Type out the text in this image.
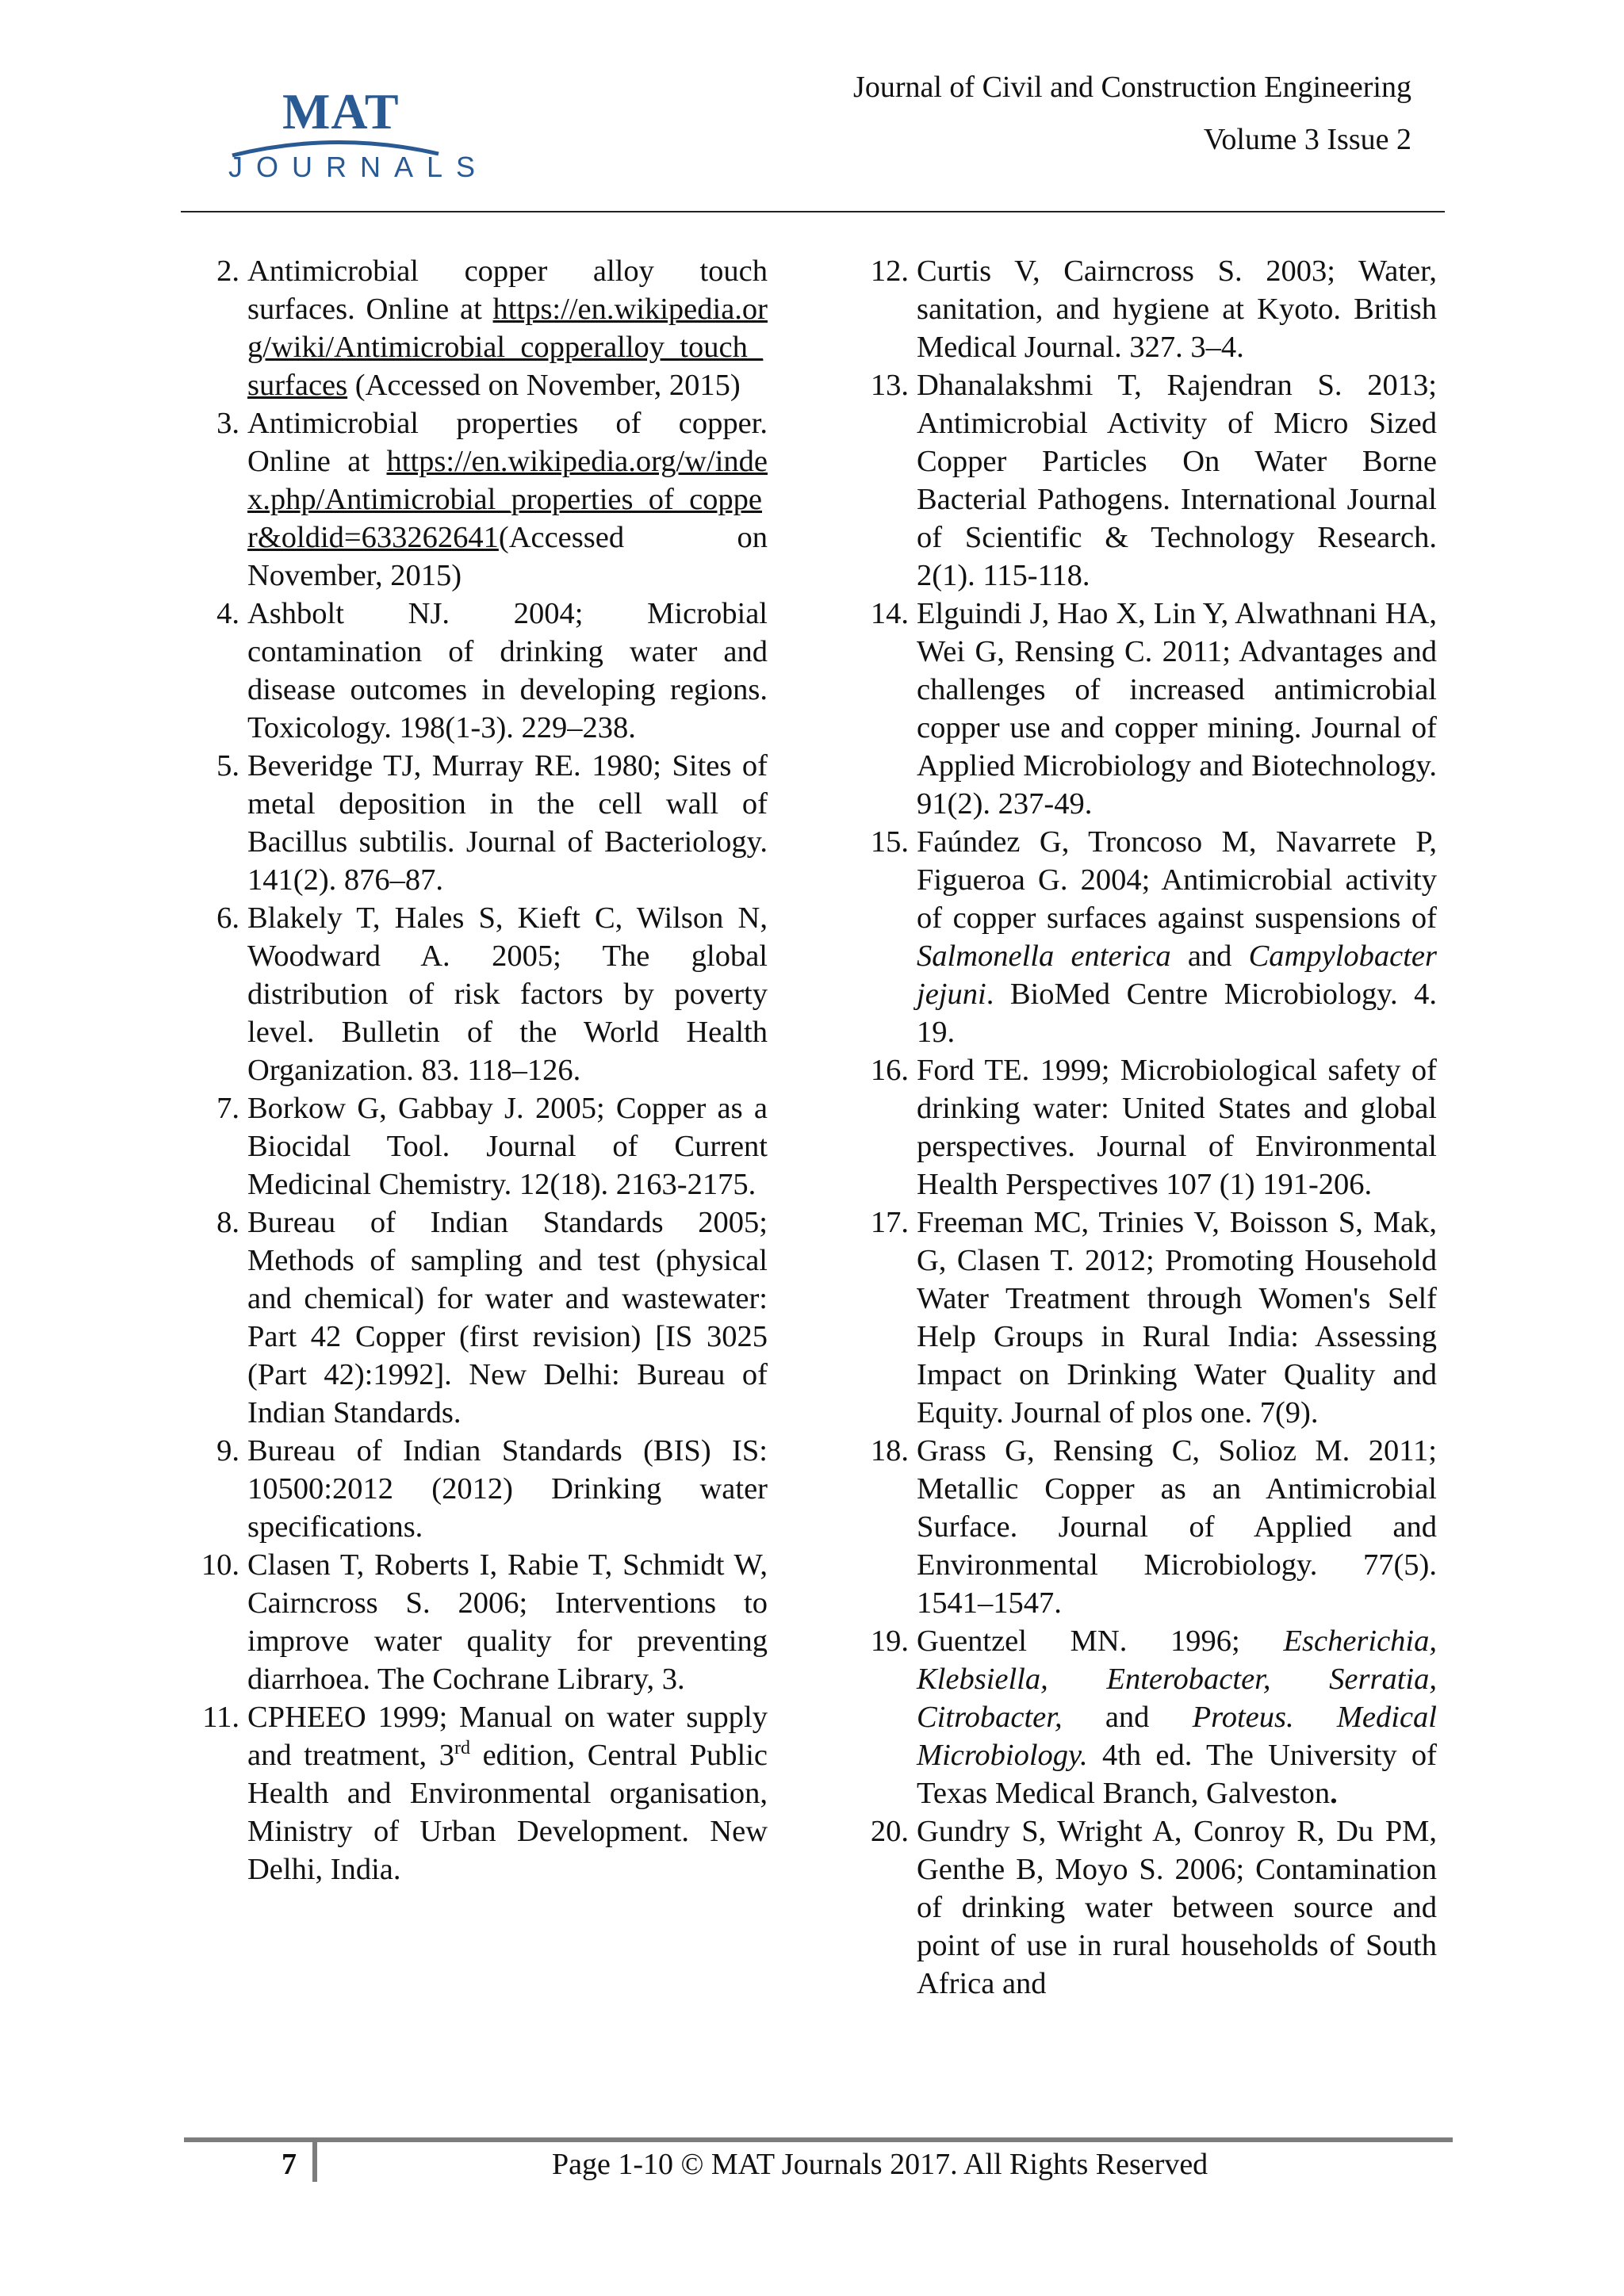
MAT
JOURNALS
Journal of Civil and Construction Engineering
Volume 3 Issue 2
2. Antimicrobial copper alloy touch surfaces. Online at https://en.wikipedia.org/wiki/Antimicrobial_copperalloy_touch_surfaces (Accessed on November, 2015)
3. Antimicrobial properties of copper. Online at https://en.wikipedia.org/w/index.php/Antimicrobial_properties_of_copper&oldid=633262641(Accessed on November, 2015)
4. Ashbolt NJ. 2004; Microbial contamination of drinking water and disease outcomes in developing regions. Toxicology. 198(1-3). 229–238.
5. Beveridge TJ, Murray RE. 1980; Sites of metal deposition in the cell wall of Bacillus subtilis. Journal of Bacteriology. 141(2). 876–87.
6. Blakely T, Hales S, Kieft C, Wilson N, Woodward A. 2005; The global distribution of risk factors by poverty level. Bulletin of the World Health Organization. 83. 118–126.
7. Borkow G, Gabbay J. 2005; Copper as a Biocidal Tool. Journal of Current Medicinal Chemistry. 12(18). 2163-2175.
8. Bureau of Indian Standards 2005; Methods of sampling and test (physical and chemical) for water and wastewater: Part 42 Copper (first revision) [IS 3025 (Part 42):1992]. New Delhi: Bureau of Indian Standards.
9. Bureau of Indian Standards (BIS) IS: 10500:2012 (2012) Drinking water specifications.
10. Clasen T, Roberts I, Rabie T, Schmidt W, Cairncross S. 2006; Interventions to improve water quality for preventing diarrhoea. The Cochrane Library, 3.
11. CPHEEO 1999; Manual on water supply and treatment, 3rd edition, Central Public Health and Environmental organisation, Ministry of Urban Development. New Delhi, India.
12. Curtis V, Cairncross S. 2003; Water, sanitation, and hygiene at Kyoto. British Medical Journal. 327. 3–4.
13. Dhanalakshmi T, Rajendran S. 2013; Antimicrobial Activity of Micro Sized Copper Particles On Water Borne Bacterial Pathogens. International Journal of Scientific & Technology Research. 2(1). 115-118.
14. Elguindi J, Hao X, Lin Y, Alwathnani HA, Wei G, Rensing C. 2011; Advantages and challenges of increased antimicrobial copper use and copper mining. Journal of Applied Microbiology and Biotechnology. 91(2). 237-49.
15. Faúndez G, Troncoso M, Navarrete P, Figueroa G. 2004; Antimicrobial activity of copper surfaces against suspensions of Salmonella enterica and Campylobacter jejuni. BioMed Centre Microbiology. 4. 19.
16. Ford TE. 1999; Microbiological safety of drinking water: United States and global perspectives. Journal of Environmental Health Perspectives 107 (1) 191-206.
17. Freeman MC, Trinies V, Boisson S, Mak, G, Clasen T. 2012; Promoting Household Water Treatment through Women's Self Help Groups in Rural India: Assessing Impact on Drinking Water Quality and Equity. Journal of plos one. 7(9).
18. Grass G, Rensing C, Solioz M. 2011; Metallic Copper as an Antimicrobial Surface. Journal of Applied and Environmental Microbiology. 77(5). 1541–1547.
19. Guentzel MN. 1996; Escherichia, Klebsiella, Enterobacter, Serratia, Citrobacter, and Proteus. Medical Microbiology. 4th ed. The University of Texas Medical Branch, Galveston.
20. Gundry S, Wright A, Conroy R, Du PM, Genthe B, Moyo S. 2006; Contamination of drinking water between source and point of use in rural households of South Africa and
7	Page 1-10 © MAT Journals 2017. All Rights Reserved
